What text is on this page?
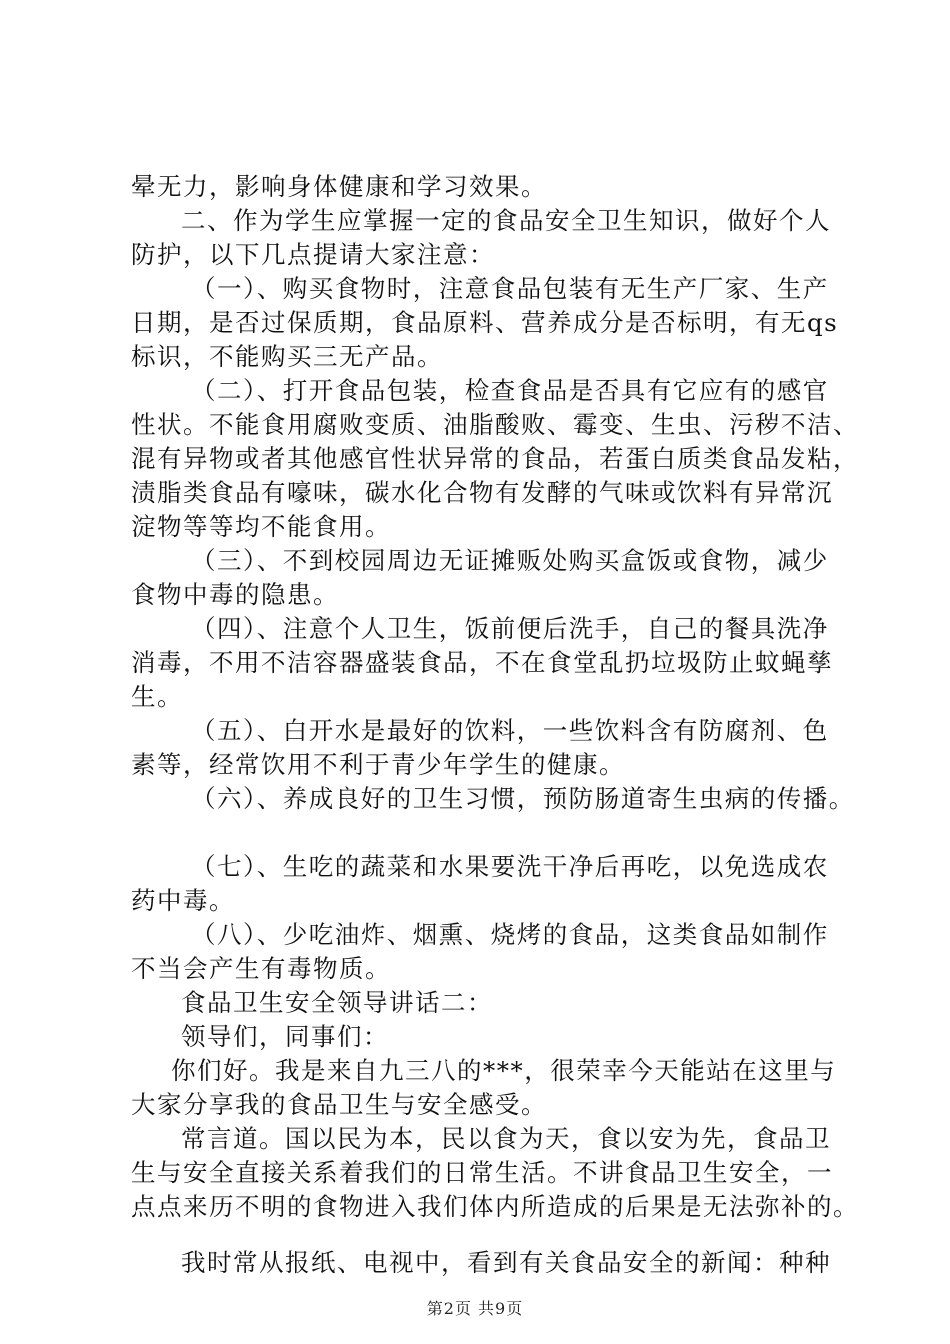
晕无力，影响身体健康和学习效果。
二、作为学生应掌握一定的食品安全卫生知识，做好个人
防护，以下几点提请大家注意：
（一）、购买食物时，注意食品包装有无生产厂家、生产
日期，是否过保质期，食品原料、营养成分是否标明，有无qs
标识，不能购买三无产品。
（二）、打开食品包装，检查食品是否具有它应有的感官
性状。不能食用腐败变质、油脂酸败、霉变、生虫、污秽不洁、
混有异物或者其他感官性状异常的食品，若蛋白质类食品发粘，
渍脂类食品有嚎味，碳水化合物有发酵的气味或饮料有异常沉
淀物等等均不能食用。
（三）、不到校园周边无证摊贩处购买盒饭或食物，减少
食物中毒的隐患。
（四）、注意个人卫生，饭前便后洗手，自己的餐具洗净
消毒，不用不洁容器盛装食品，不在食堂乱扔垃圾防止蚊蝇孳
生。
（五）、白开水是最好的饮料，一些饮料含有防腐剂、色
素等，经常饮用不利于青少年学生的健康。
（六）、养成良好的卫生习惯，预防肠道寄生虫病的传播。
（七）、生吃的蔬菜和水果要洗干净后再吃，以免选成农
药中毒。
（八）、少吃油炸、烟熏、烧烤的食品，这类食品如制作
不当会产生有毒物质。
食品卫生安全领导讲话二：
领导们，同事们：
你们好。我是来自九三八的***，很荣幸今天能站在这里与
大家分享我的食品卫生与安全感受。
常言道。国以民为本，民以食为天，食以安为先，食品卫
生与安全直接关系着我们的日常生活。不讲食品卫生安全，一
点点来历不明的食物进入我们体内所造成的后果是无法弥补的。
我时常从报纸、电视中，看到有关食品安全的新闻：种种
第2页 共9页
